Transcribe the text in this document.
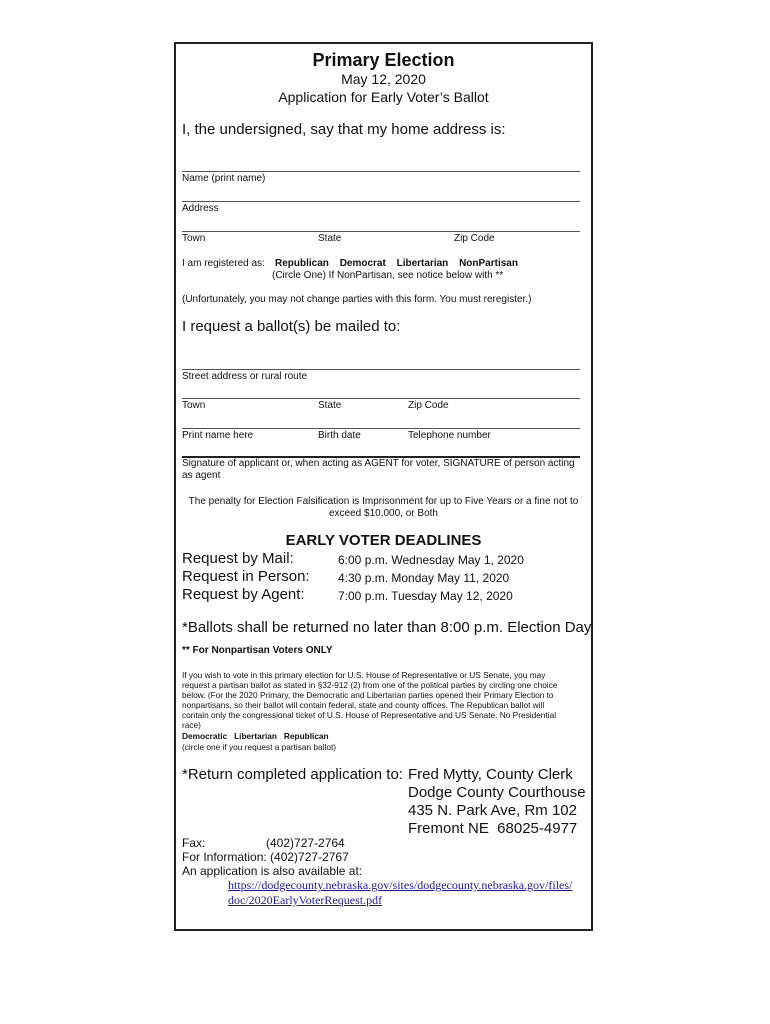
Primary Election
May 12, 2020
Application for Early Voter’s Ballot
I, the undersigned, say that my home address is:
Name (print name)
Address
Town	State	Zip Code
I am registered as: Republican Democrat Libertarian NonPartisan
(Circle One) If NonPartisan, see notice below with **
(Unfortunately, you may not change parties with this form. You must reregister.)
I request a ballot(s) be mailed to:
Street address or rural route
Town	State	Zip Code
Print name here	Birth date	Telephone number
Signature of applicant or, when acting as AGENT for voter, SIGNATURE of person acting
as agent
The penalty for Election Falsification is Imprisonment for up to Five Years or a fine not to
exceed $10,000, or Both
EARLY VOTER DEADLINES
Request by Mail:	6:00 p.m. Wednesday May 1, 2020
Request in Person: 4:30 p.m. Monday May 11, 2020
Request by Agent:	7:00 p.m. Tuesday May 12, 2020
*Ballots shall be returned no later than 8:00 p.m. Election Day.
** For Nonpartisan Voters ONLY
If you wish to vote in this primary election for U.S. House of Representative or US Senate, you may
request a partisan ballot as stated in §32-912 (2) from one of the political parties by circling one choice
below. (For the 2020 Primary, the Democratic and Libertarian parties opened their Primary Election to
nonpartisans, so their ballot will contain federal, state and county offices. The Republican ballot will
contain only the congressional ticket of U.S. House of Representative and US Senate. No Presidential
race)
Democratic   Libertarian   Republican
(circle one if you request a partisan ballot)
*Return completed application to: Fred Mytty, County Clerk
Dodge County Courthouse
435 N. Park Ave, Rm 102
Fremont NE  68025-4977
Fax:	(402)727-2764
For Information: (402)727-2767
An application is also available at:
https://dodgecounty.nebraska.gov/sites/dodgecounty.nebraska.gov/files/
doc/2020EarlyVoterRequest.pdf
